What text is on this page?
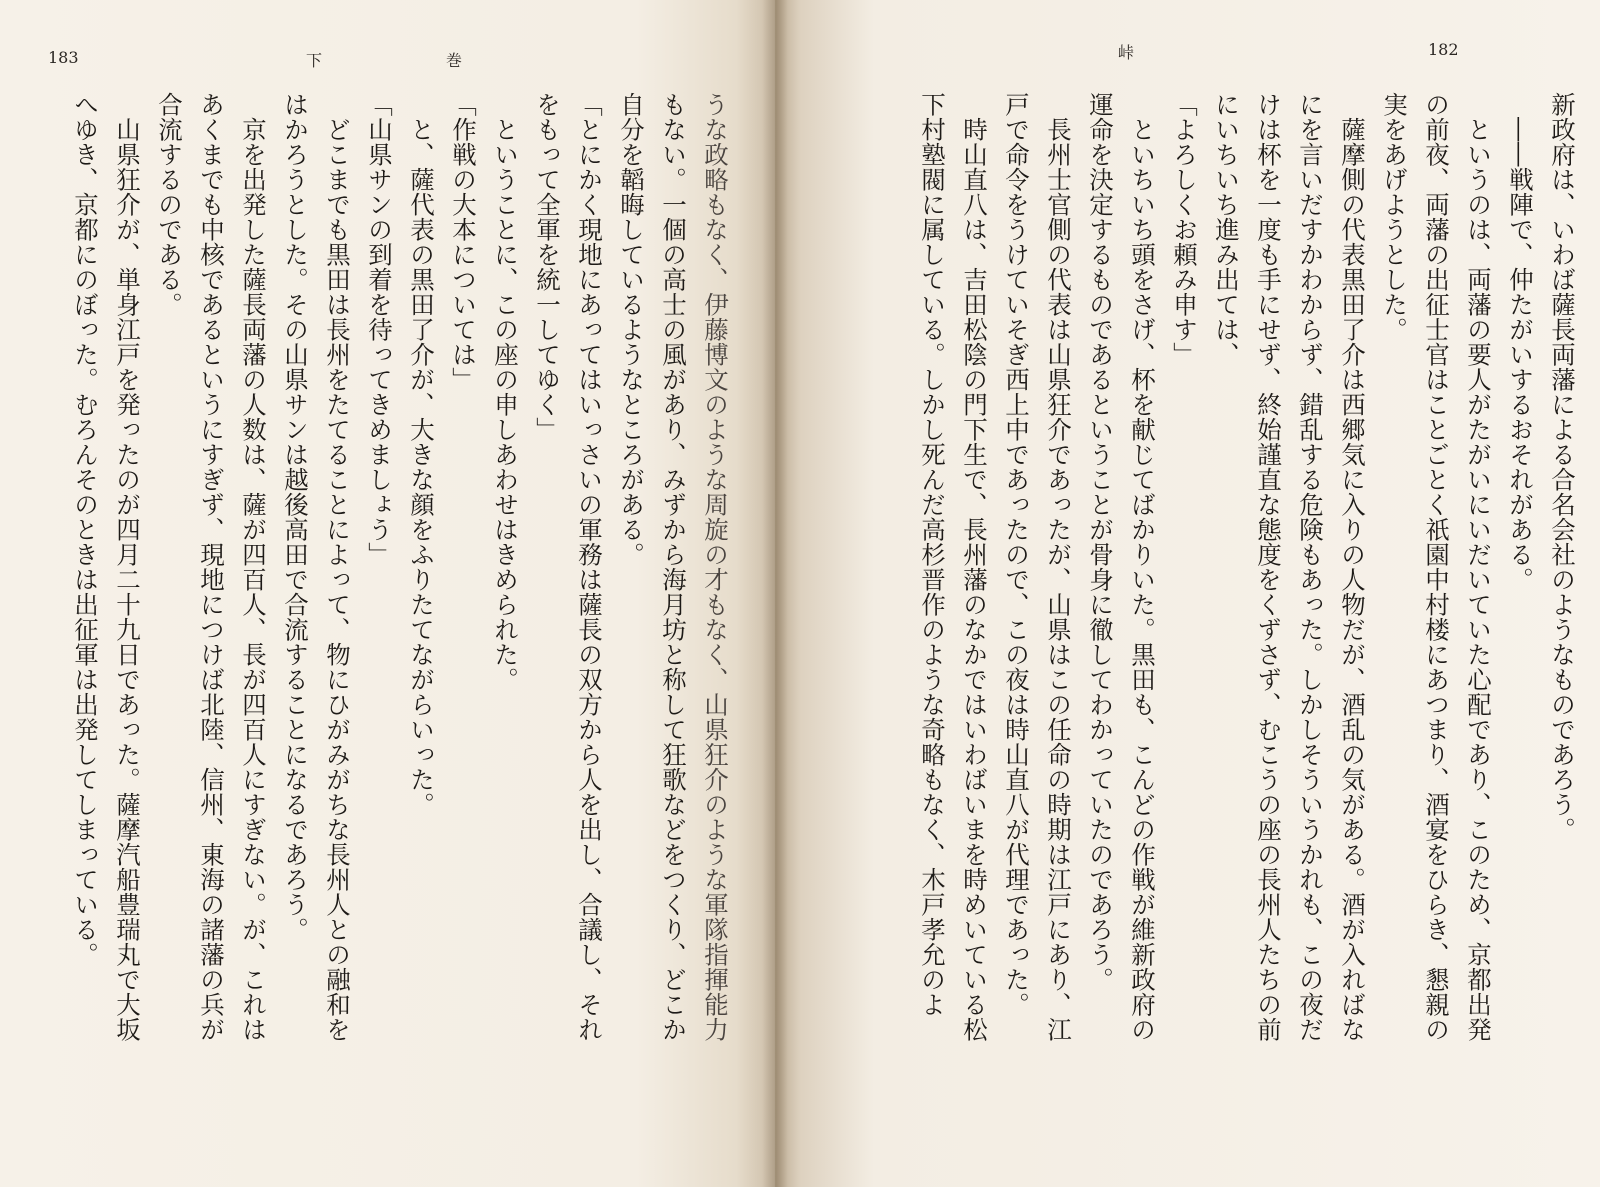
183	下	巻
うな政略もなく、伊藤博文のような周旋の才もなく、山県狂介のような軍隊指揮能力
もない。一個の高士の風があり、みずから海月坊と称して狂歌などをつくり、どこか
自分を韜晦しているようなところがある。
「とにかく現地にあってはいっさいの軍務は薩長の双方から人を出し、合議し、それ
をもって全軍を統一してゆく」
　ということに、この座の申しあわせはきめられた。
「作戦の大本については」
　と、薩代表の黒田了介が、大きな顔をふりたてながらいった。
「山県サンの到着を待ってきめましょう」
　どこまでも黒田は長州をたてることによって、物にひがみがちな長州人との融和を
はかろうとした。その山県サンは越後高田で合流することになるであろう。
　京を出発した薩長両藩の人数は、薩が四百人、長が四百人にすぎない。が、これは
あくまでも中核であるというにすぎず、現地につけば北陸、信州、東海の諸藩の兵が
合流するのである。
　山県狂介が、単身江戸を発ったのが四月二十九日であった。薩摩汽船豊瑞丸で大坂
へゆき、京都にのぼった。むろんそのときは出征軍は出発してしまっている。
峠	182
新政府は、いわば薩長両藩による合名会社のようなものであろう。
　――戦陣で、仲たがいするおそれがある。
　というのは、両藩の要人がたがいにいだいていた心配であり、このため、京都出発
の前夜、両藩の出征士官はことごとく祇園中村楼にあつまり、酒宴をひらき、懇親の
実をあげようとした。
　薩摩側の代表黒田了介は西郷気に入りの人物だが、酒乱の気がある。酒が入ればな
にを言いだすかわからず、錯乱する危険もあった。しかしそういうかれも、この夜だ
けは杯を一度も手にせず、終始謹直な態度をくずさず、むこうの座の長州人たちの前
にいちいち進み出ては、
「よろしくお頼み申す」
　といちいち頭をさげ、杯を献じてばかりいた。黒田も、こんどの作戦が維新政府の
運命を決定するものであるということが骨身に徹してわかっていたのであろう。
　長州士官側の代表は山県狂介であったが、山県はこの任命の時期は江戸にあり、江
戸で命令をうけていそぎ西上中であったので、この夜は時山直八が代理であった。
　時山直八は、吉田松陰の門下生で、長州藩のなかではいわばいまを時めいている松
下村塾閥に属している。しかし死んだ高杉晋作のような奇略もなく、木戸孝允のよ
